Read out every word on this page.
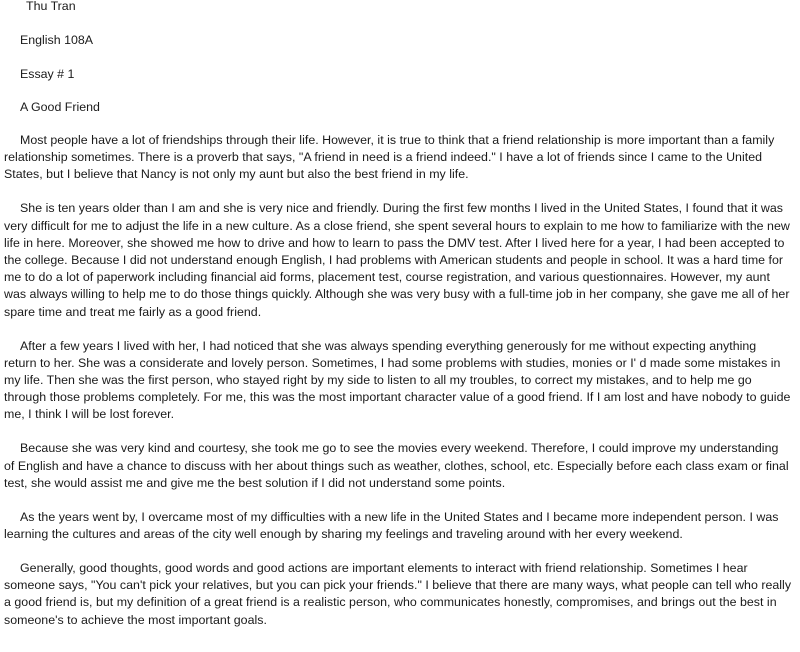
Thu Tran

English 108A

Essay # 1

A Good Friend

Most people have a lot of friendships through their life. However, it is true to think that a friend relationship is more important than a family relationship sometimes. There is a proverb that says, "A friend in need is a friend indeed." I have a lot of friends since I came to the United States, but I believe that Nancy is not only my aunt but also the best friend in my life.

She is ten years older than I am and she is very nice and friendly. During the first few months I lived in the United States, I found that it was very difficult for me to adjust the life in a new culture. As a close friend, she spent several hours to explain to me how to familiarize with the new life in here. Moreover, she showed me how to drive and how to learn to pass the DMV test. After I lived here for a year, I had been accepted to the college. Because I did not understand enough English, I had problems with American students and people in school. It was a hard time for me to do a lot of paperwork including financial aid forms, placement test, course registration, and various questionnaires. However, my aunt was always willing to help me to do those things quickly. Although she was very busy with a full-time job in her company, she gave me all of her spare time and treat me fairly as a good friend.

After a few years I lived with her, I had noticed that she was always spending everything generously for me without expecting anything return to her. She was a considerate and lovely person. Sometimes, I had some problems with studies, monies or I' d made some mistakes in my life. Then she was the first person, who stayed right by my side to listen to all my troubles, to correct my mistakes, and to help me go through those problems completely. For me, this was the most important character value of a good friend. If I am lost and have nobody to guide me, I think I will be lost forever.

Because she was very kind and courtesy, she took me go to see the movies every weekend. Therefore, I could improve my understanding of English and have a chance to discuss with her about things such as weather, clothes, school, etc. Especially before each class exam or final test, she would assist me and give me the best solution if I did not understand some points.

As the years went by, I overcame most of my difficulties with a new life in the United States and I became more independent person. I was learning the cultures and areas of the city well enough by sharing my feelings and traveling around with her every weekend.

Generally, good thoughts, good words and good actions are important elements to interact with friend relationship. Sometimes I hear someone says, "You can't pick your relatives, but you can pick your friends." I believe that there are many ways, what people can tell who really a good friend is, but my definition of a great friend is a realistic person, who communicates honestly, compromises, and brings out the best in someone's to achieve the most important goals.
